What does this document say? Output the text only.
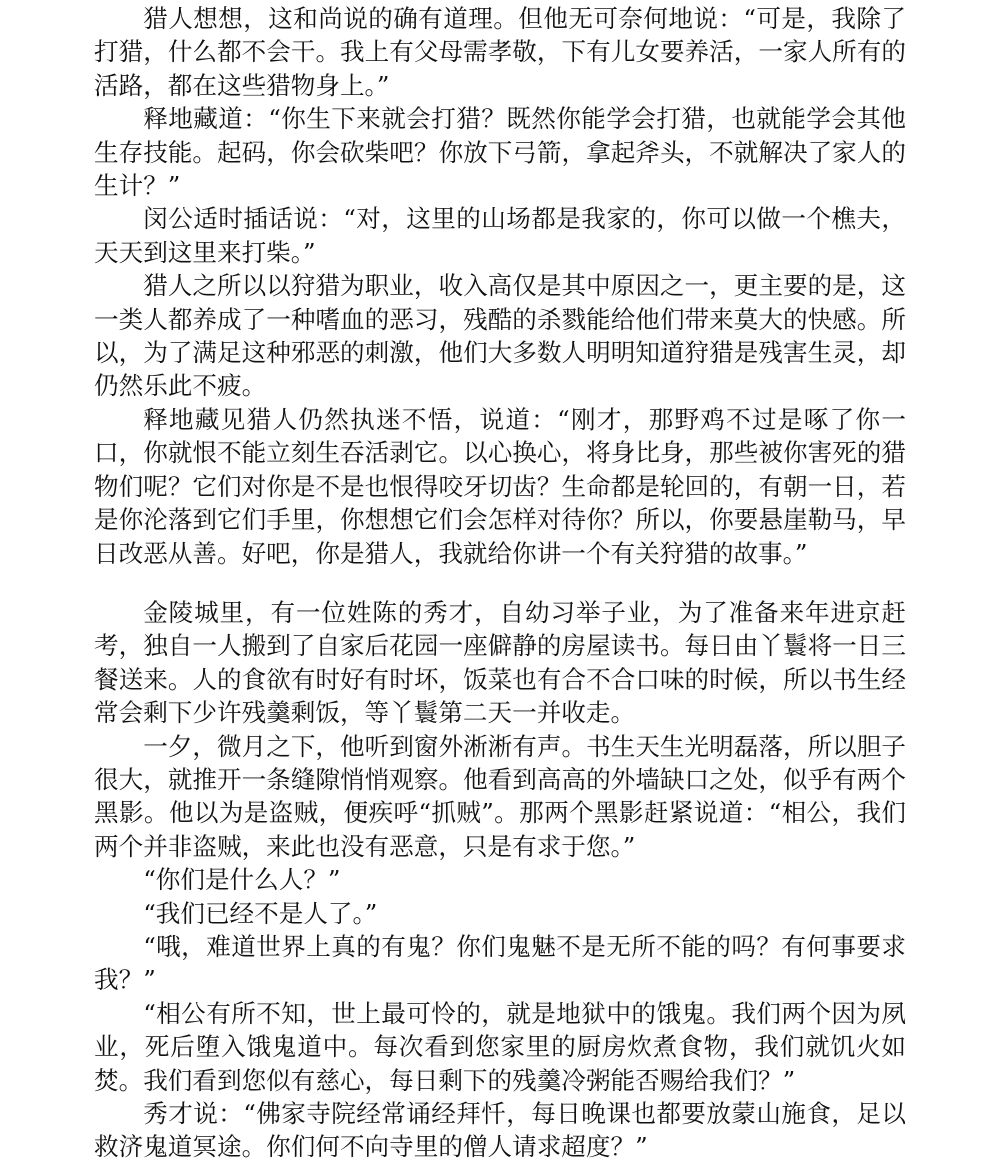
猎人想想，这和尚说的确有道理。但他无可奈何地说：“可是，我除了打猎，什么都不会干。我上有父母需孝敬，下有儿女要养活，一家人所有的活路，都在这些猎物身上。”

释地藏道：“你生下来就会打猎？既然你能学会打猎，也就能学会其他生存技能。起码，你会砍柴吧？你放下弓箭，拿起斧头，不就解决了家人的生计？”

闵公适时插话说：“对，这里的山场都是我家的，你可以做一个樵夫，天天到这里来打柴。”

猎人之所以以狩猎为职业，收入高仅是其中原因之一，更主要的是，这一类人都养成了一种嗜血的恶习，残酷的杀戮能给他们带来莫大的快感。所以，为了满足这种邪恶的刺激，他们大多数人明明知道狩猎是残害生灵，却仍然乐此不疲。

释地藏见猎人仍然执迷不悟，说道：“刚才，那野鸡不过是啄了你一口，你就恨不能立刻生吞活剥它。以心换心，将身比身，那些被你害死的猎物们呢？它们对你是不是也恨得咬牙切齿？生命都是轮回的，有朝一日，若是你沦落到它们手里，你想想它们会怎样对待你？所以，你要悬崖勒马，早日改恶从善。好吧，你是猎人，我就给你讲一个有关狩猎的故事。”

金陵城里，有一位姓陈的秀才，自幼习举子业，为了准备来年进京赶考，独自一人搬到了自家后花园一座僻静的房屋读书。每日由丫鬟将一日三餐送来。人的食欲有时好有时坏，饭菜也有合不合口味的时候，所以书生经常会剩下少许残羹剩饭，等丫鬟第二天一并收走。

一夕，微月之下，他听到窗外淅淅有声。书生天生光明磊落，所以胆子很大，就推开一条缝隙悄悄观察。他看到高高的外墙缺口之处，似乎有两个黑影。他以为是盗贼，便疾呼“抓贼”。那两个黑影赶紧说道：“相公，我们两个并非盗贼，来此也没有恶意，只是有求于您。”

“你们是什么人？”

“我们已经不是人了。”

“哦，难道世界上真的有鬼？你们鬼魅不是无所不能的吗？有何事要求我？”

“相公有所不知，世上最可怜的，就是地狱中的饿鬼。我们两个因为夙业，死后堕入饿鬼道中。每次看到您家里的厨房炊煮食物，我们就饥火如焚。我们看到您似有慈心，每日剩下的残羹冷粥能否赐给我们？”

秀才说：“佛家寺院经常诵经拜忏，每日晚课也都要放蒙山施食，足以救济鬼道冥途。你们何不向寺里的僧人请求超度？”
